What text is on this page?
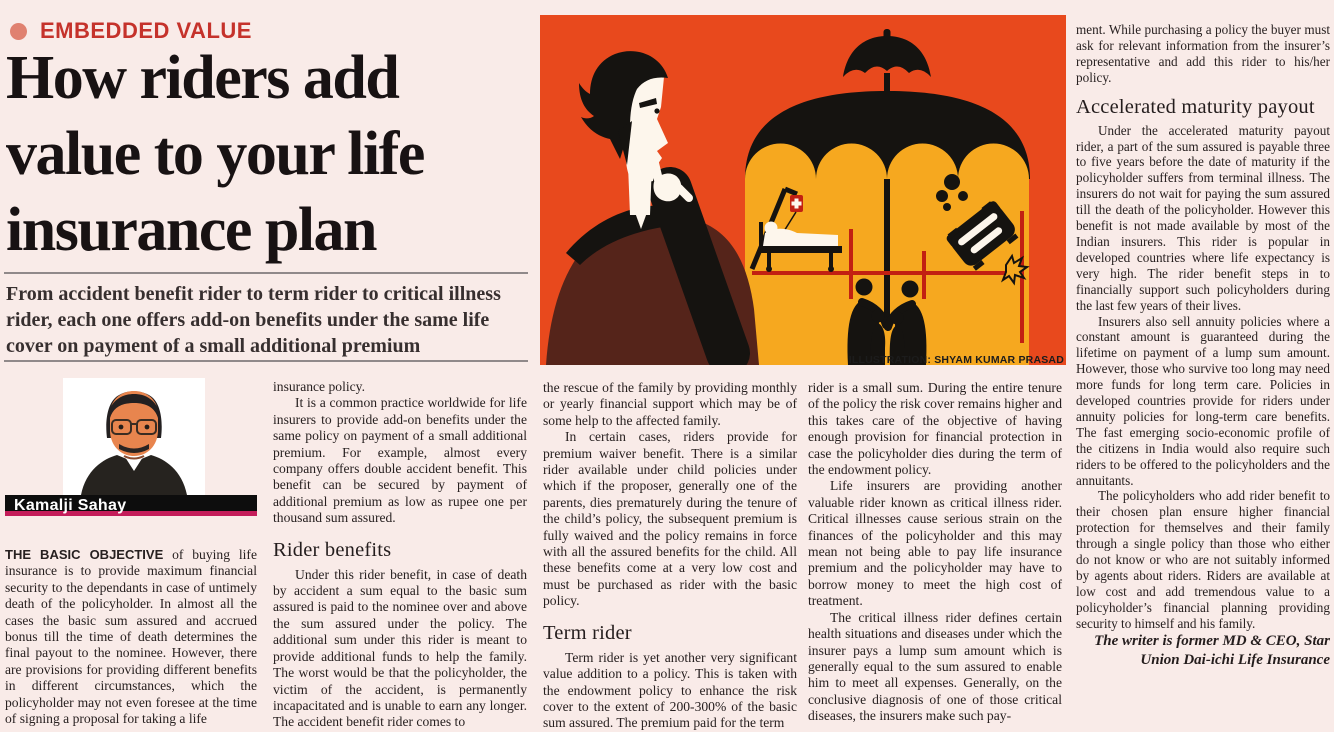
EMBEDDED VALUE
How riders add value to your life insurance plan

From accident benefit rider to term rider to critical illness rider, each one offers add-on benefits under the same life cover on payment of a small additional premium

ILLUSTRATION: SHYAM KUMAR PRASAD
Kamalji Sahay

THE BASIC OBJECTIVE of buying life insurance is to provide maximum financial security to the dependants in case of untimely death of the policyholder. In almost all the cases the basic sum assured and accrued bonus till the time of death determines the final payout to the nominee. However, there are provisions for providing different benefits in different circumstances, which the policyholder may not even foresee at the time of signing a proposal for taking a life

insurance policy.

It is a common practice worldwide for life insurers to provide add-on benefits under the same policy on payment of a small additional premium. For example, almost every company offers double accident benefit. This benefit can be secured by payment of additional premium as low as rupee one per thousand sum assured.

Rider benefits

Under this rider benefit, in case of death by accident a sum equal to the basic sum assured is paid to the nominee over and above the sum assured under the policy. The additional sum under this rider is meant to provide additional funds to help the family. The worst would be that the policyholder, the victim of the accident, is permanently incapacitated and is unable to earn any longer. The accident benefit rider comes to

the rescue of the family by providing monthly or yearly financial support which may be of some help to the affected family.

In certain cases, riders provide for premium waiver benefit. There is a similar rider available under child policies under which if the proposer, generally one of the parents, dies prematurely during the tenure of the child’s policy, the subsequent premium is fully waived and the policy remains in force with all the assured benefits for the child. All these benefits come at a very low cost and must be purchased as rider with the basic policy.

Term rider

Term rider is yet another very significant value addition to a policy. This is taken with the endowment policy to enhance the risk cover to the extent of 200-300% of the basic sum assured. The premium paid for the term

rider is a small sum. During the entire tenure of the policy the risk cover remains higher and this takes care of the objective of having enough provision for financial protection in case the policyholder dies during the term of the endowment policy.

Life insurers are providing another valuable rider known as critical illness rider. Critical illnesses cause serious strain on the finances of the policyholder and this may mean not being able to pay life insurance premium and the policyholder may have to borrow money to meet the high cost of treatment.

The critical illness rider defines certain health situations and diseases under which the insurer pays a lump sum amount which is generally equal to the sum assured to enable him to meet all expenses. Generally, on the conclusive diagnosis of one of those critical diseases, the insurers make such pay-

ment. While purchasing a policy the buyer must ask for relevant information from the insurer’s representative and add this rider to his/her policy.

Accelerated maturity payout

Under the accelerated maturity payout rider, a part of the sum assured is payable three to five years before the date of maturity if the policyholder suffers from terminal illness. The insurers do not wait for paying the sum assured till the death of the policyholder. However this benefit is not made available by most of the Indian insurers. This rider is popular in developed countries where life expectancy is very high. The rider benefit steps in to financially support such policyholders during the last few years of their lives.

Insurers also sell annuity policies where a constant amount is guaranteed during the lifetime on payment of a lump sum amount. However, those who survive too long may need more funds for long term care. Policies in developed countries provide for riders under annuity policies for long-term care benefits. The fast emerging socio-economic profile of the citizens in India would also require such riders to be offered to the policyholders and the annuitants.

The policyholders who add rider benefit to their chosen plan ensure higher financial protection for themselves and their family through a single policy than those who either do not know or who are not suitably informed by agents about riders. Riders are available at low cost and add tremendous value to a policyholder’s financial planning providing security to himself and his family.

The writer is former MD & CEO, Star Union Dai-ichi Life Insurance
